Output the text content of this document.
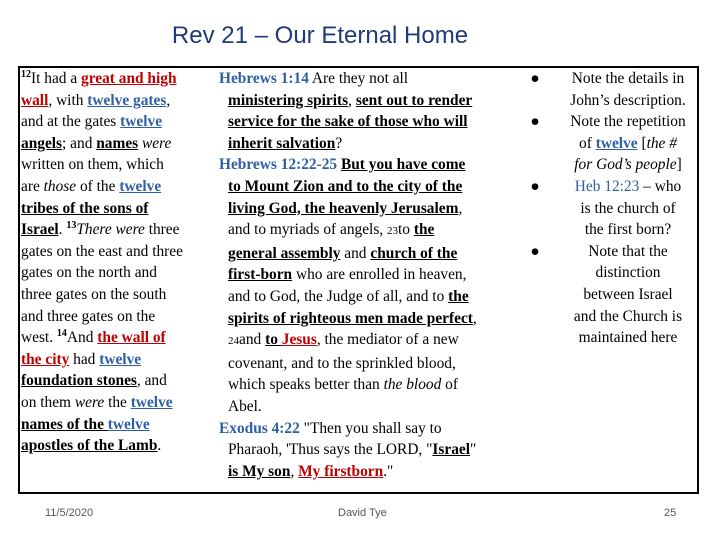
Rev 21 – Our Eternal Home
$^{12}$It had a great and high
wall, with twelve gates,
and at the gates twelve
angels; and names were
written on them, which
are those of the twelve
tribes of the sons of
Israel. $^{13}$There were three
gates on the east and three
gates on the north and
three gates on the south
and three gates on the
west. $^{14}$And the wall of
the city had twelve
foundation stones, and
on them were the twelve
names of the twelve
apostles of the Lamb.
Hebrews 1:14 Are they not all
ministering spirits, sent out to render
service for the sake of those who will
inherit salvation?
Hebrews 12:22-25 But you have come
to Mount Zion and to the city of the
living God, the heavenly Jerusalem,
and to myriads of angels, 23to the
general assembly and church of the
first-born who are enrolled in heaven,
and to God, the Judge of all, and to the
spirits of righteous men made perfect,
24and to Jesus, the mediator of a new
covenant, and to the sprinkled blood,
which speaks better than the blood of
Abel.
Exodus 4:22 "Then you shall say to
Pharaoh, 'Thus says the LORD, "Israel"
is My son, My firstborn."
●	Note the details in
John’s description.
●	Note the repetition
of twelve [the #
for God’s people]
●	Heb 12:23 – who
is the church of
the first born?
●	Note that the
distinction
between Israel
and the Church is
maintained here
11/5/2020	David Tye	25
